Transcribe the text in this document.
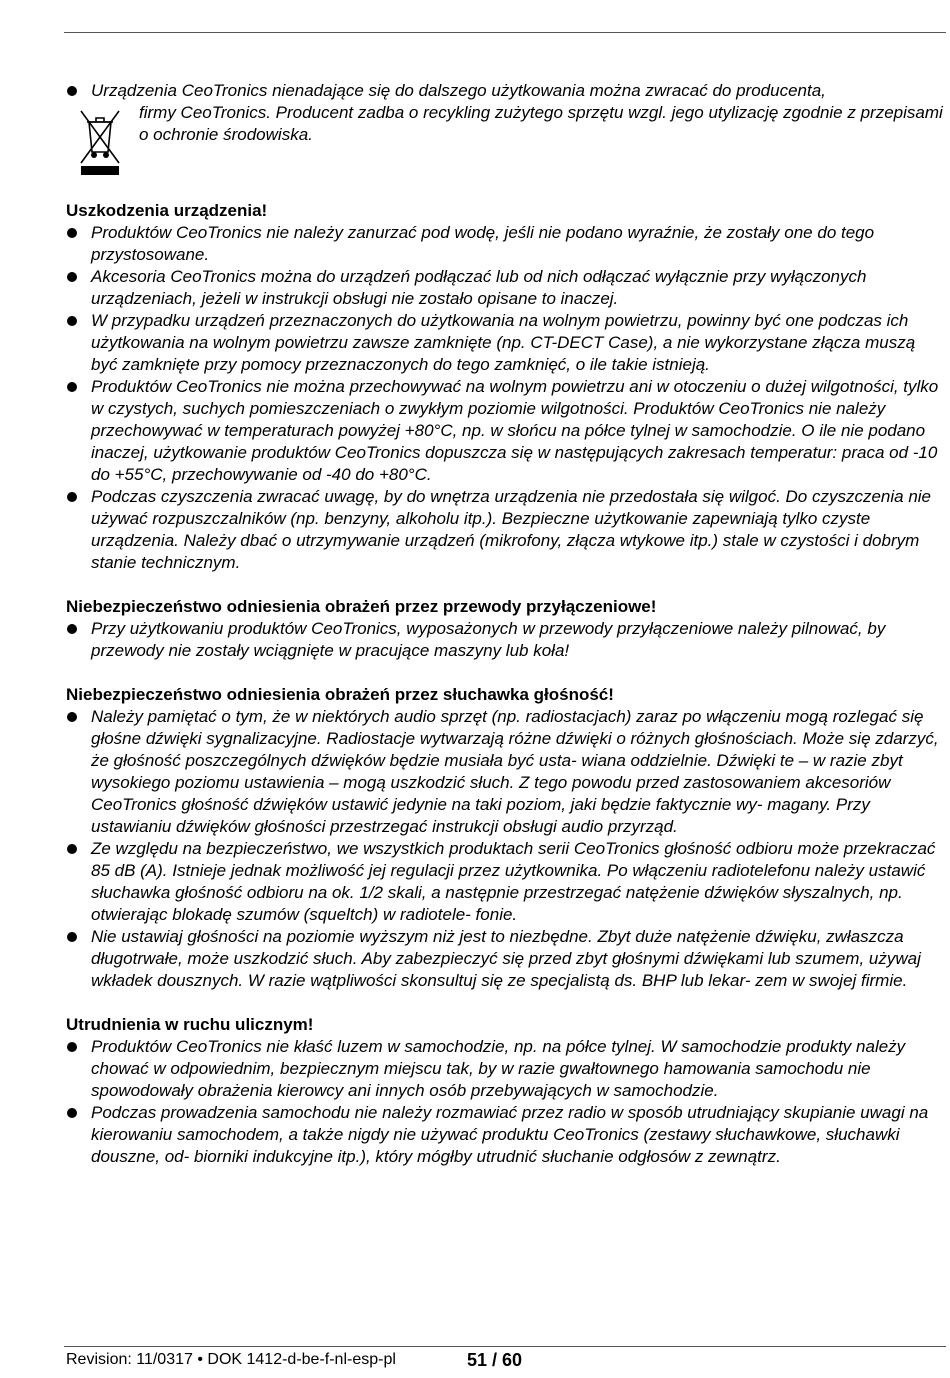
Urządzenia CeoTronics nienadające się do dalszego użytkowania można zwracać do producenta,
firmy CeoTronics. Producent zadba o recykling zużytego sprzętu wzgl. jego utylizację zgodnie z przepisami o ochronie środowiska.
Uszkodzenia urządzenia!
Produktów CeoTronics nie należy zanurzać pod wodę, jeśli nie podano wyraźnie, że zostały one do tego przystosowane.
Akcesoria CeoTronics można do urządzeń podłączać lub od nich odłączać wyłącznie przy wyłączonych urządzeniach, jeżeli w instrukcji obsługi nie zostało opisane to inaczej.
W przypadku urządzeń przeznaczonych do użytkowania na wolnym powietrzu, powinny być one podczas ich użytkowania na wolnym powietrzu zawsze zamknięte (np. CT-DECT Case), a nie wykorzystane złącza muszą być zamknięte przy pomocy przeznaczonych do tego zamknięć, o ile takie istnieją.
Produktów CeoTronics nie można przechowywać na wolnym powietrzu ani w otoczeniu o dużej wilgotności, tylko w czystych, suchych pomieszczeniach o zwykłym poziomie wilgotności. Produktów CeoTronics nie należy przechowywać w temperaturach powyżej +80°C, np. w słońcu na półce tylnej w samochodzie. O ile nie podano inaczej, użytkowanie produktów CeoTronics dopuszcza się w następujących zakresach temperatur: praca od -10 do +55°C, przechowywanie od -40 do +80°C.
Podczas czyszczenia zwracać uwagę, by do wnętrza urządzenia nie przedostała się wilgoć. Do czyszczenia nie używać rozpuszczalników (np. benzyny, alkoholu itp.). Bezpieczne użytkowanie zapewniają tylko czyste urządzenia. Należy dbać o utrzymywanie urządzeń (mikrofony, złącza wtykowe itp.) stale w czystości i dobrym stanie technicznym.
Niebezpieczeństwo odniesienia obrażeń przez przewody przyłączeniowe!
Przy użytkowaniu produktów CeoTronics, wyposażonych w przewody przyłączeniowe należy pilnować, by przewody nie zostały wciągnięte w pracujące maszyny lub koła!
Niebezpieczeństwo odniesienia obrażeń przez słuchawka głośność!
Należy pamiętać o tym, że w niektórych audio sprzęt (np. radiostacjach) zaraz po włączeniu mogą rozlegać się głośne dźwięki sygnalizacyjne. Radiostacje wytwarzają różne dźwięki o różnych głośnościach. Może się zdarzyć, że głośność poszczególnych dźwięków będzie musiała być usta- wiana oddzielnie. Dźwięki te – w razie zbyt wysokiego poziomu ustawienia – mogą uszkodzić słuch. Z tego powodu przed zastosowaniem akcesoriów CeoTronics głośność dźwięków ustawić jedynie na taki poziom, jaki będzie faktycznie wy- magany. Przy ustawianiu dźwięków głośności przestrzegać instrukcji obsługi audio przyrząd.
Ze względu na bezpieczeństwo, we wszystkich produktach serii CeoTronics głośność odbioru może przekraczać 85 dB (A). Istnieje jednak możliwość jej regulacji przez użytkownika. Po włączeniu radiotelefonu należy ustawić słuchawka głośność odbioru na ok. 1/2 skali, a następnie przestrzegać natężenie dźwięków słyszalnych, np. otwierając blokadę szumów (squeltch) w radiotele- fonie.
Nie ustawiaj głośności na poziomie wyższym niż jest to niezbędne. Zbyt duże natężenie dźwięku, zwłaszcza długotrwałe, może uszkodzić słuch. Aby zabezpieczyć się przed zbyt głośnymi dźwiękami lub szumem, używaj wkładek dousznych. W razie wątpliwości skonsultuj się ze specjalistą ds. BHP lub lekar- zem w swojej firmie.
Utrudnienia w ruchu ulicznym!
Produktów CeoTronics nie kłaść luzem w samochodzie, np. na półce tylnej. W samochodzie produkty należy chować w odpowiednim, bezpiecznym miejscu tak, by w razie gwałtownego hamowania samochodu nie spowodowały obrażenia kierowcy ani innych osób przebywających w samochodzie.
Podczas prowadzenia samochodu nie należy rozmawiać przez radio w sposób utrudniający skupianie uwagi na kierowaniu samochodem, a także nigdy nie używać produktu CeoTronics (zestawy słuchawkowe, słuchawki douszne, od- biorniki indukcyjne itp.), który mógłby utrudnić słuchanie odgłosów z zewnątrz.
Revision: 11/0317 • DOK 1412-d-be-f-nl-esp-pl	51 / 60
